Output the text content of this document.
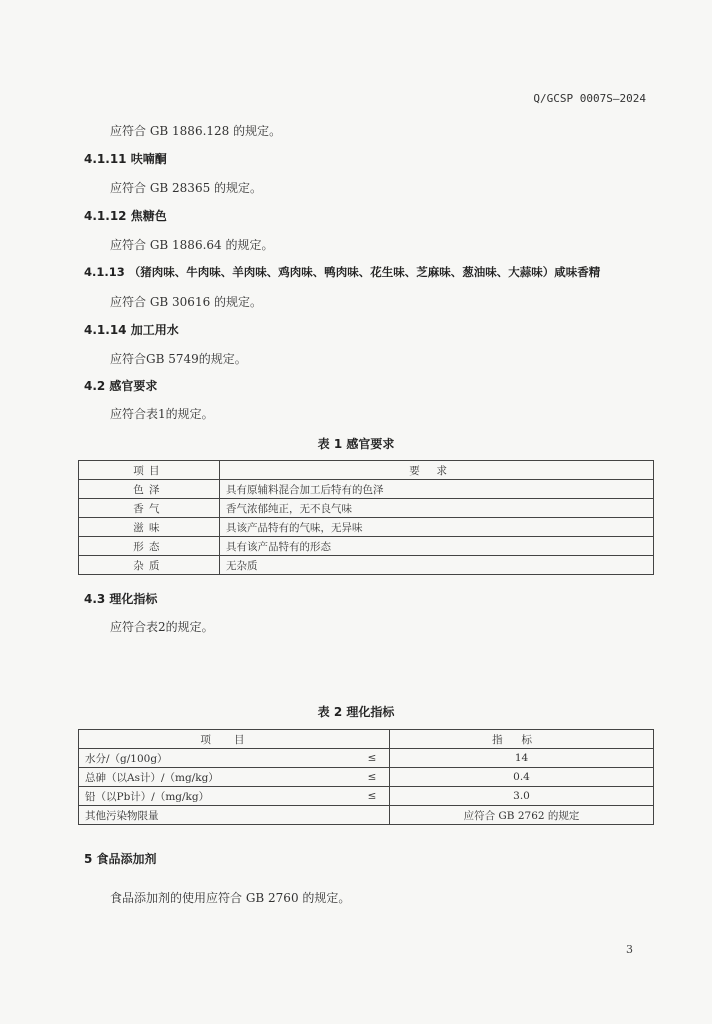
Q/GCSP 0007S—2024
应符合 GB 1886.128 的规定。
4.1.11 呋喃酮
应符合 GB 28365 的规定。
4.1.12 焦糖色
应符合 GB 1886.64 的规定。
4.1.13 （猪肉味、牛肉味、羊肉味、鸡肉味、鸭肉味、花生味、芝麻味、葱油味、大蒜味）咸味香精
应符合 GB 30616 的规定。
4.1.14 加工用水
应符合GB 5749的规定。
4.2 感官要求
应符合表1的规定。
表 1 感官要求
项目	要求
色泽	具有原辅料混合加工后特有的色泽
香气	香气浓郁纯正，无不良气味
滋味	具该产品特有的气味，无异味
形态	具有该产品特有的形态
杂质	无杂质
4.3 理化指标
应符合表2的规定。
表 2 理化指标
项目		指标
水分/（g/100g）	≤	14
总砷（以As计）/（mg/kg）	≤	0.4
铅（以Pb计）/（mg/kg）	≤	3.0
其他污染物限量		应符合 GB 2762 的规定
5 食品添加剂
食品添加剂的使用应符合 GB 2760 的规定。
3
